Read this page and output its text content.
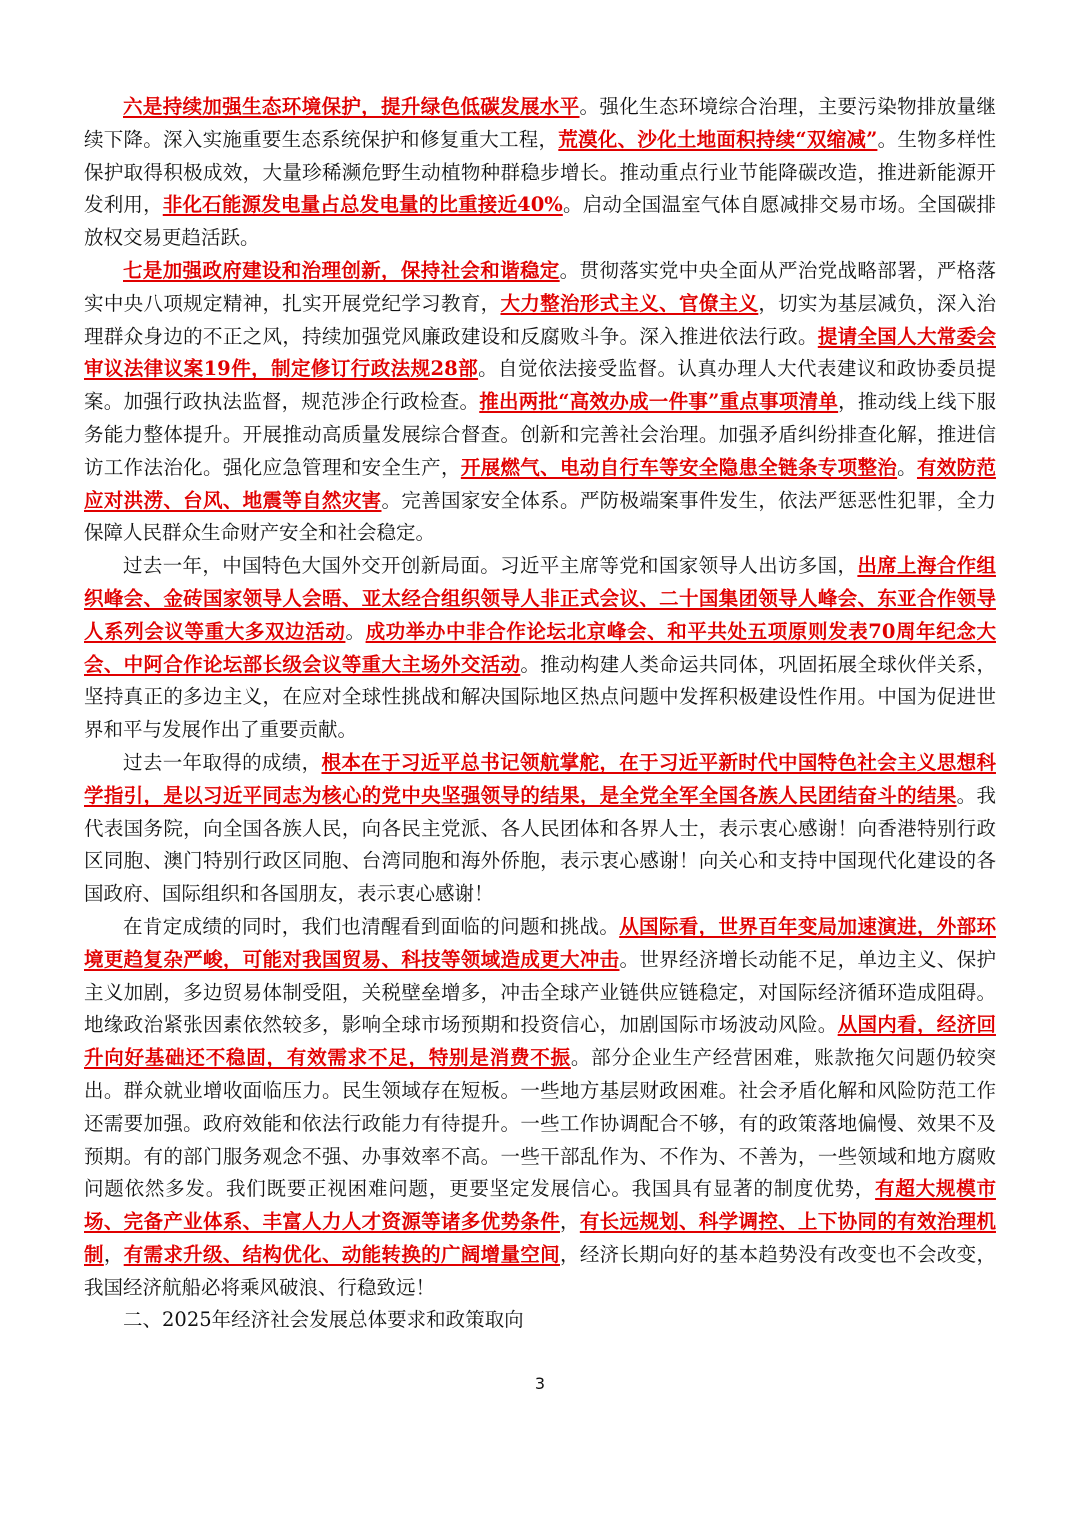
六是持续加强生态环境保护，提升绿色低碳发展水平。强化生态环境综合治理，主要污染物排放量继续下降。深入实施重要生态系统保护和修复重大工程，荒漠化、沙化土地面积持续“双缩减”。生物多样性保护取得积极成效，大量珍稀濒危野生动植物种群稳步增长。推动重点行业节能降碳改造，推进新能源开发利用，非化石能源发电量占总发电量的比重接近40%。启动全国温室气体自愿减排交易市场。全国碳排放权交易更趋活跃。

七是加强政府建设和治理创新，保持社会和谐稳定。贯彻落实党中央全面从严治党战略部署，严格落实中央八项规定精神，扎实开展党纪学习教育，大力整治形式主义、官僚主义，切实为基层减负，深入治理群众身边的不正之风，持续加强党风廉政建设和反腐败斗争。深入推进依法行政。提请全国人大常委会审议法律议案19件，制定修订行政法规28部。自觉依法接受监督。认真办理人大代表建议和政协委员提案。加强行政执法监督，规范涉企行政检查。推出两批“高效办成一件事”重点事项清单，推动线上线下服务能力整体提升。开展推动高质量发展综合督查。创新和完善社会治理。加强矛盾纠纷排查化解，推进信访工作法治化。强化应急管理和安全生产，开展燃气、电动自行车等安全隐患全链条专项整治。有效防范应对洪涝、台风、地震等自然灾害。完善国家安全体系。严防极端案事件发生，依法严惩恶性犯罪，全力保障人民群众生命财产安全和社会稳定。

过去一年，中国特色大国外交开创新局面。习近平主席等党和国家领导人出访多国，出席上海合作组织峰会、金砖国家领导人会晤、亚太经合组织领导人非正式会议、二十国集团领导人峰会、东亚合作领导人系列会议等重大多双边活动。成功举办中非合作论坛北京峰会、和平共处五项原则发表70周年纪念大会、中阿合作论坛部长级会议等重大主场外交活动。推动构建人类命运共同体，巩固拓展全球伙伴关系，坚持真正的多边主义，在应对全球性挑战和解决国际地区热点问题中发挥积极建设性作用。中国为促进世界和平与发展作出了重要贡献。

过去一年取得的成绩，根本在于习近平总书记领航掌舵，在于习近平新时代中国特色社会主义思想科学指引，是以习近平同志为核心的党中央坚强领导的结果，是全党全军全国各族人民团结奋斗的结果。我代表国务院，向全国各族人民，向各民主党派、各人民团体和各界人士，表示衷心感谢！向香港特别行政区同胞、澳门特别行政区同胞、台湾同胞和海外侨胞，表示衷心感谢！向关心和支持中国现代化建设的各国政府、国际组织和各国朋友，表示衷心感谢！

在肯定成绩的同时，我们也清醒看到面临的问题和挑战。从国际看，世界百年变局加速演进，外部环境更趋复杂严峻，可能对我国贸易、科技等领域造成更大冲击。世界经济增长动能不足，单边主义、保护主义加剧，多边贸易体制受阻，关税壁垒增多，冲击全球产业链供应链稳定，对国际经济循环造成阻碍。地缘政治紧张因素依然较多，影响全球市场预期和投资信心，加剧国际市场波动风险。从国内看，经济回升向好基础还不稳固，有效需求不足，特别是消费不振。部分企业生产经营困难，账款拖欠问题仍较突出。群众就业增收面临压力。民生领域存在短板。一些地方基层财政困难。社会矛盾化解和风险防范工作还需要加强。政府效能和依法行政能力有待提升。一些工作协调配合不够，有的政策落地偏慢、效果不及预期。有的部门服务观念不强、办事效率不高。一些干部乱作为、不作为、不善为，一些领域和地方腐败问题依然多发。我们既要正视困难问题，更要坚定发展信心。我国具有显著的制度优势，有超大规模市场、完备产业体系、丰富人力人才资源等诸多优势条件，有长远规划、科学调控、上下协同的有效治理机制，有需求升级、结构优化、动能转换的广阔增量空间，经济长期向好的基本趋势没有改变也不会改变，我国经济航船必将乘风破浪、行稳致远！

二、2025年经济社会发展总体要求和政策取向

3
